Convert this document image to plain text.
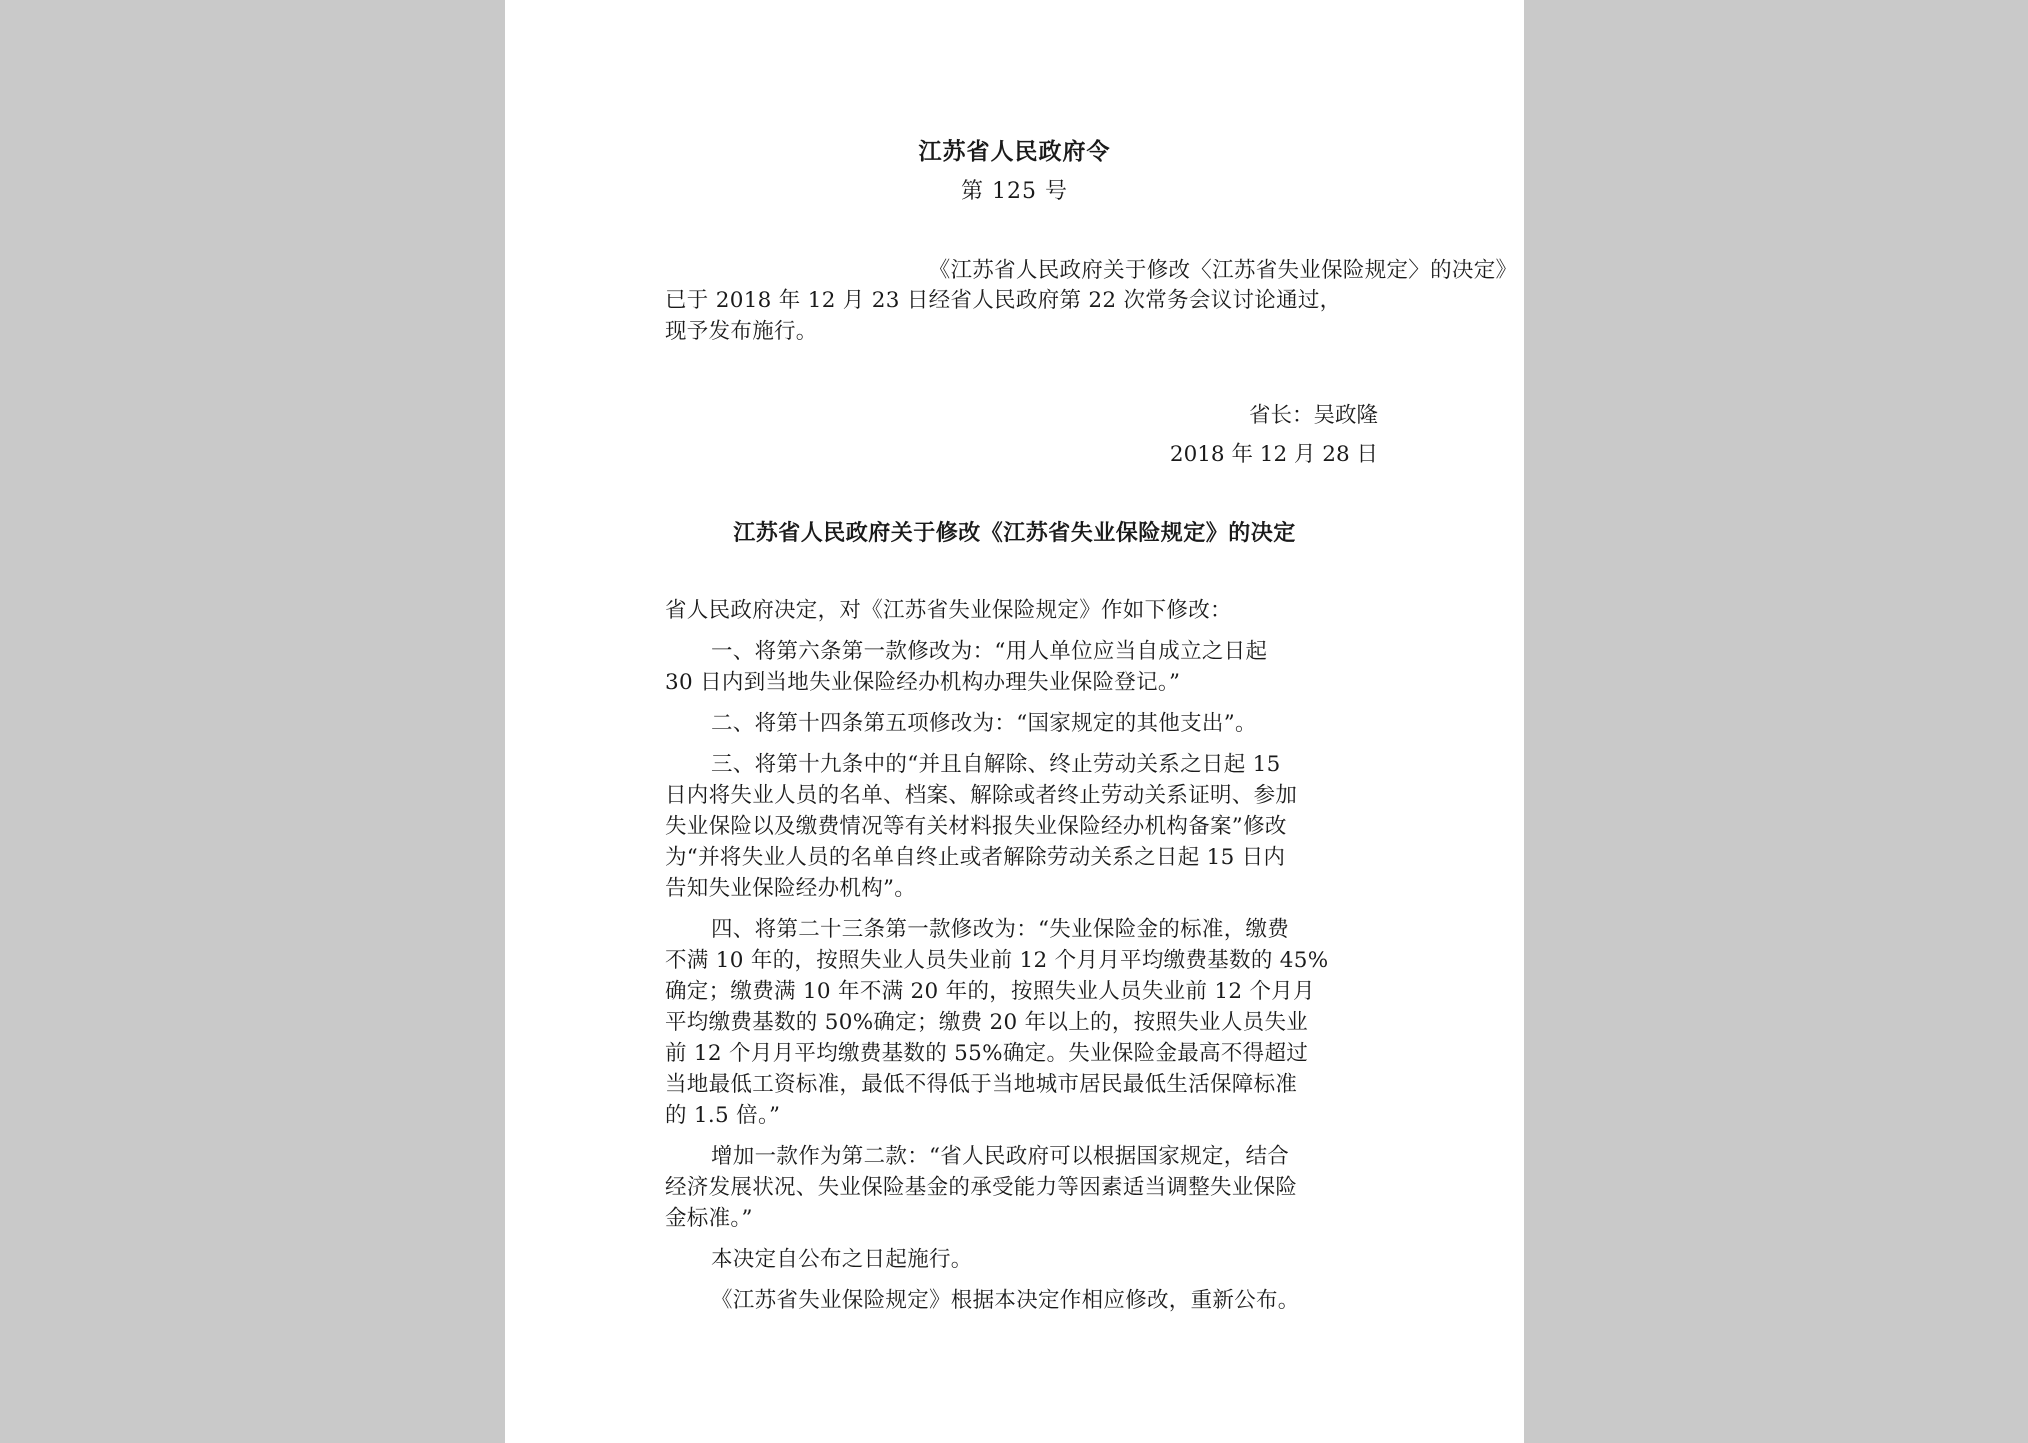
江苏省人民政府令
第 125 号
《江苏省人民政府关于修改〈江苏省失业保险规定〉的决定》
已于 2018 年 12 月 23 日经省人民政府第 22 次常务会议讨论通过，
现予发布施行。
省长：吴政隆
2018 年 12 月 28 日
江苏省人民政府关于修改《江苏省失业保险规定》的决定
省人民政府决定，对《江苏省失业保险规定》作如下修改：
一、将第六条第一款修改为：“用人单位应当自成立之日起
30 日内到当地失业保险经办机构办理失业保险登记。”
二、将第十四条第五项修改为：“国家规定的其他支出”。
三、将第十九条中的“并且自解除、终止劳动关系之日起 15
日内将失业人员的名单、档案、解除或者终止劳动关系证明、参加
失业保险以及缴费情况等有关材料报失业保险经办机构备案”修改
为“并将失业人员的名单自终止或者解除劳动关系之日起 15 日内
告知失业保险经办机构”。
四、将第二十三条第一款修改为：“失业保险金的标准，缴费
不满 10 年的，按照失业人员失业前 12 个月月平均缴费基数的 45%
确定；缴费满 10 年不满 20 年的，按照失业人员失业前 12 个月月
平均缴费基数的 50%确定；缴费 20 年以上的，按照失业人员失业
前 12 个月月平均缴费基数的 55%确定。失业保险金最高不得超过
当地最低工资标准，最低不得低于当地城市居民最低生活保障标准
的 1.5 倍。”
增加一款作为第二款：“省人民政府可以根据国家规定，结合
经济发展状况、失业保险基金的承受能力等因素适当调整失业保险
金标准。”
本决定自公布之日起施行。
《江苏省失业保险规定》根据本决定作相应修改，重新公布。
